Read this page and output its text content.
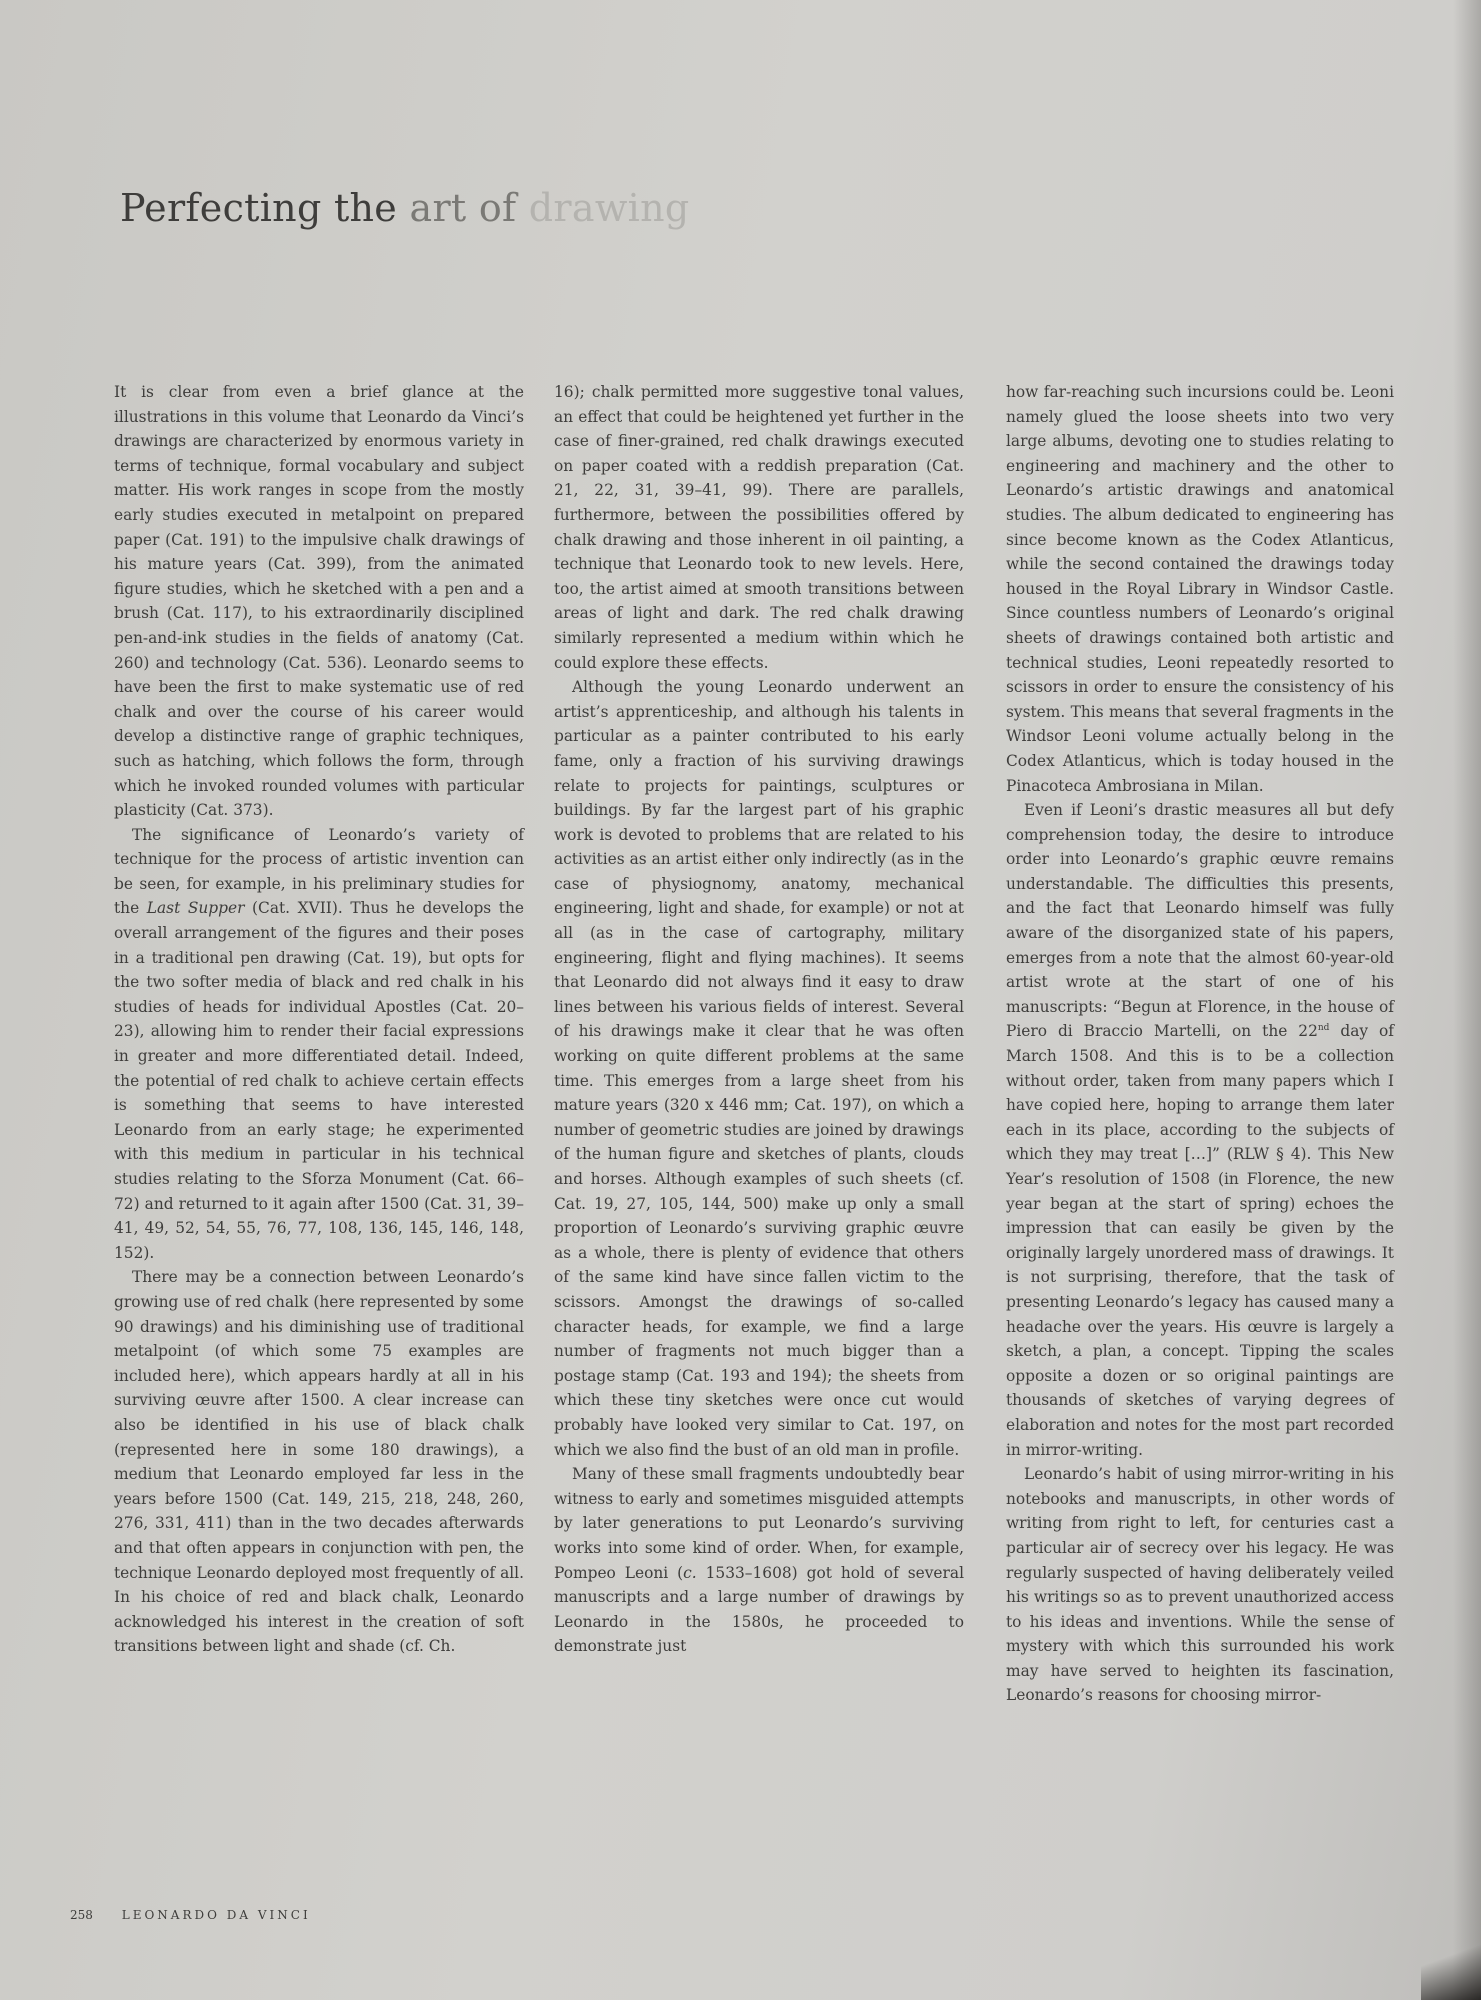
Perfecting the art of drawing

It is clear from even a brief glance at the illustrations in this volume that Leonardo da Vinci’s drawings are characterized by enormous variety in terms of technique, formal vocabulary and subject matter. His work ranges in scope from the mostly early studies executed in metalpoint on prepared paper (Cat. 191) to the impulsive chalk drawings of his mature years (Cat. 399), from the animated figure studies, which he sketched with a pen and a brush (Cat. 117), to his extraordinarily disciplined pen-and-ink studies in the fields of anatomy (Cat. 260) and technology (Cat. 536). Leonardo seems to have been the first to make systematic use of red chalk and over the course of his career would develop a distinctive range of graphic techniques, such as hatching, which follows the form, through which he invoked rounded volumes with particular plasticity (Cat. 373).

The significance of Leonardo’s variety of technique for the process of artistic invention can be seen, for example, in his preliminary studies for the Last Supper (Cat. XVII). Thus he develops the overall arrangement of the figures and their poses in a traditional pen drawing (Cat. 19), but opts for the two softer media of black and red chalk in his studies of heads for individual Apostles (Cat. 20–23), allowing him to render their facial expressions in greater and more differentiated detail. Indeed, the potential of red chalk to achieve certain effects is something that seems to have interested Leonardo from an early stage; he experimented with this medium in particular in his technical studies relating to the Sforza Monument (Cat. 66–72) and returned to it again after 1500 (Cat. 31, 39–41, 49, 52, 54, 55, 76, 77, 108, 136, 145, 146, 148, 152).

There may be a connection between Leonardo’s growing use of red chalk (here represented by some 90 drawings) and his diminishing use of traditional metalpoint (of which some 75 examples are included here), which appears hardly at all in his surviving œuvre after 1500. A clear increase can also be identified in his use of black chalk (represented here in some 180 drawings), a medium that Leonardo employed far less in the years before 1500 (Cat. 149, 215, 218, 248, 260, 276, 331, 411) than in the two decades afterwards and that often appears in conjunction with pen, the technique Leonardo deployed most frequently of all. In his choice of red and black chalk, Leonardo acknowledged his interest in the creation of soft transitions between light and shade (cf. Ch.

16); chalk permitted more suggestive tonal values, an effect that could be heightened yet further in the case of finer-grained, red chalk drawings executed on paper coated with a reddish preparation (Cat. 21, 22, 31, 39–41, 99). There are parallels, furthermore, between the possibilities offered by chalk drawing and those inherent in oil painting, a technique that Leonardo took to new levels. Here, too, the artist aimed at smooth transitions between areas of light and dark. The red chalk drawing similarly represented a medium within which he could explore these effects.

Although the young Leonardo underwent an artist’s apprenticeship, and although his talents in particular as a painter contributed to his early fame, only a fraction of his surviving drawings relate to projects for paintings, sculptures or buildings. By far the largest part of his graphic work is devoted to problems that are related to his activities as an artist either only indirectly (as in the case of physiognomy, anatomy, mechanical engineering, light and shade, for example) or not at all (as in the case of cartography, military engineering, flight and flying machines). It seems that Leonardo did not always find it easy to draw lines between his various fields of interest. Several of his drawings make it clear that he was often working on quite different problems at the same time. This emerges from a large sheet from his mature years (320 x 446 mm; Cat. 197), on which a number of geometric studies are joined by drawings of the human figure and sketches of plants, clouds and horses. Although examples of such sheets (cf. Cat. 19, 27, 105, 144, 500) make up only a small proportion of Leonardo’s surviving graphic œuvre as a whole, there is plenty of evidence that others of the same kind have since fallen victim to the scissors. Amongst the drawings of so-called character heads, for example, we find a large number of fragments not much bigger than a postage stamp (Cat. 193 and 194); the sheets from which these tiny sketches were once cut would probably have looked very similar to Cat. 197, on which we also find the bust of an old man in profile.

Many of these small fragments undoubtedly bear witness to early and sometimes misguided attempts by later generations to put Leonardo’s surviving works into some kind of order. When, for example, Pompeo Leoni (c. 1533–1608) got hold of several manuscripts and a large number of drawings by Leonardo in the 1580s, he proceeded to demonstrate just

how far-reaching such incursions could be. Leoni namely glued the loose sheets into two very large albums, devoting one to studies relating to engineering and machinery and the other to Leonardo’s artistic drawings and anatomical studies. The album dedicated to engineering has since become known as the Codex Atlanticus, while the second contained the drawings today housed in the Royal Library in Windsor Castle. Since countless numbers of Leonardo’s original sheets of drawings contained both artistic and technical studies, Leoni repeatedly resorted to scissors in order to ensure the consistency of his system. This means that several fragments in the Windsor Leoni volume actually belong in the Codex Atlanticus, which is today housed in the Pinacoteca Ambrosiana in Milan.

Even if Leoni’s drastic measures all but defy comprehension today, the desire to introduce order into Leonardo’s graphic œuvre remains understandable. The difficulties this presents, and the fact that Leonardo himself was fully aware of the disorganized state of his papers, emerges from a note that the almost 60-year-old artist wrote at the start of one of his manuscripts: “Begun at Florence, in the house of Piero di Braccio Martelli, on the 22nd day of March 1508. And this is to be a collection without order, taken from many papers which I have copied here, hoping to arrange them later each in its place, according to the subjects of which they may treat […]” (RLW § 4). This New Year’s resolution of 1508 (in Florence, the new year began at the start of spring) echoes the impression that can easily be given by the originally largely unordered mass of drawings. It is not surprising, therefore, that the task of presenting Leonardo’s legacy has caused many a headache over the years. His œuvre is largely a sketch, a plan, a concept. Tipping the scales opposite a dozen or so original paintings are thousands of sketches of varying degrees of elaboration and notes for the most part recorded in mirror-writing.

Leonardo’s habit of using mirror-writing in his notebooks and manuscripts, in other words of writing from right to left, for centuries cast a particular air of secrecy over his legacy. He was regularly suspected of having deliberately veiled his writings so as to prevent unauthorized access to his ideas and inventions. While the sense of mystery with which this surrounded his work may have served to heighten its fascination, Leonardo’s reasons for choosing mirror-

258 LEONARDO DA VINCI
